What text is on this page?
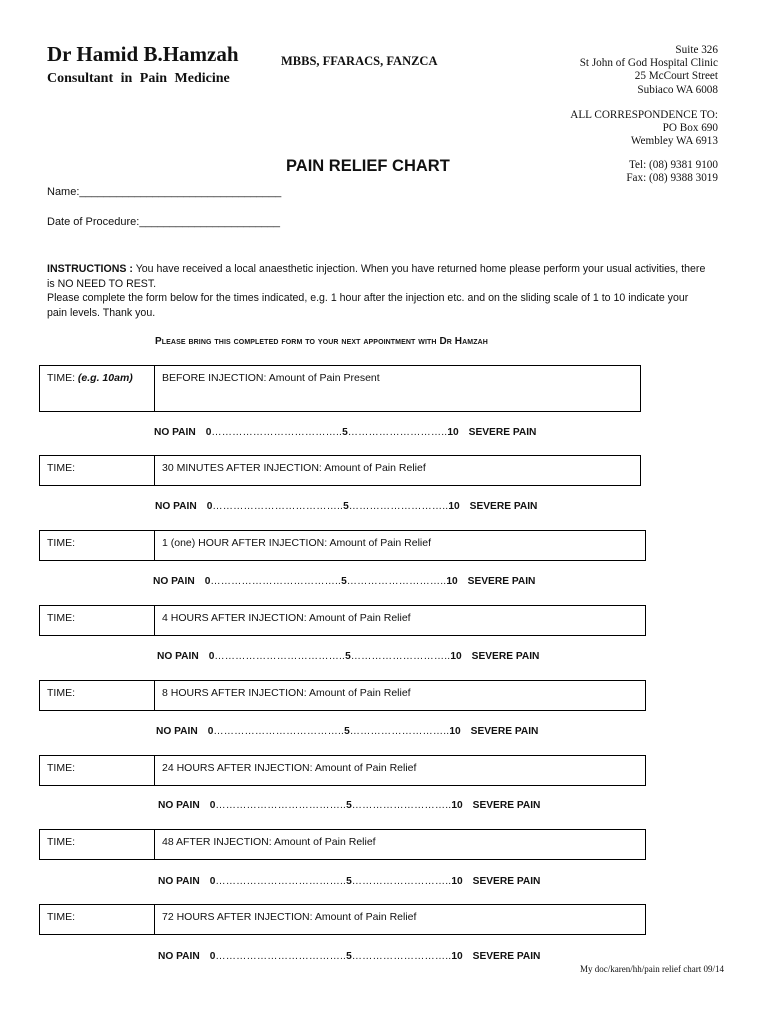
Dr Hamid B.Hamzah	MBBS, FFARACS, FANZCA
Consultant in Pain Medicine
Suite 326
St John of God Hospital Clinic
25 McCourt Street
Subiaco WA 6008
ALL CORRESPONDENCE TO:
PO Box 690
Wembley WA 6913
Tel: (08) 9381 9100
Fax: (08) 9388 3019
PAIN RELIEF CHART
Name:_________________________________
Date of Procedure:_______________________
INSTRUCTIONS : You have received a local anaesthetic injection. When you have returned home please perform your usual activities, there is NO NEED TO REST.
Please complete the form below for the times indicated, e.g. 1 hour after the injection etc. and on the sliding scale of 1 to 10 indicate your pain levels. Thank you.
Please bring this completed form to your next appointment with Dr Hamzah
TIME: (e.g. 10am)	BEFORE INJECTION: Amount of Pain Present
NO PAIN 0………………………………..5………………………..10 SEVERE PAIN
TIME:	30 MINUTES AFTER INJECTION: Amount of Pain Relief
NO PAIN 0………………………………..5………………………..10 SEVERE PAIN
TIME:	1 (one) HOUR AFTER INJECTION: Amount of Pain Relief
NO PAIN 0………………………………..5………………………..10 SEVERE PAIN
TIME:	4 HOURS AFTER INJECTION: Amount of Pain Relief
NO PAIN 0………………………………..5………………………..10 SEVERE PAIN
TIME:	8 HOURS AFTER INJECTION: Amount of Pain Relief
NO PAIN 0………………………………..5………………………..10 SEVERE PAIN
TIME:	24 HOURS AFTER INJECTION: Amount of Pain Relief
NO PAIN 0………………………………..5………………………..10 SEVERE PAIN
TIME:	48 AFTER INJECTION: Amount of Pain Relief
NO PAIN 0………………………………..5………………………..10 SEVERE PAIN
TIME:	72 HOURS AFTER INJECTION: Amount of Pain Relief
NO PAIN 0………………………………..5………………………..10 SEVERE PAIN
My doc/karen/hh/pain relief chart 09/14
